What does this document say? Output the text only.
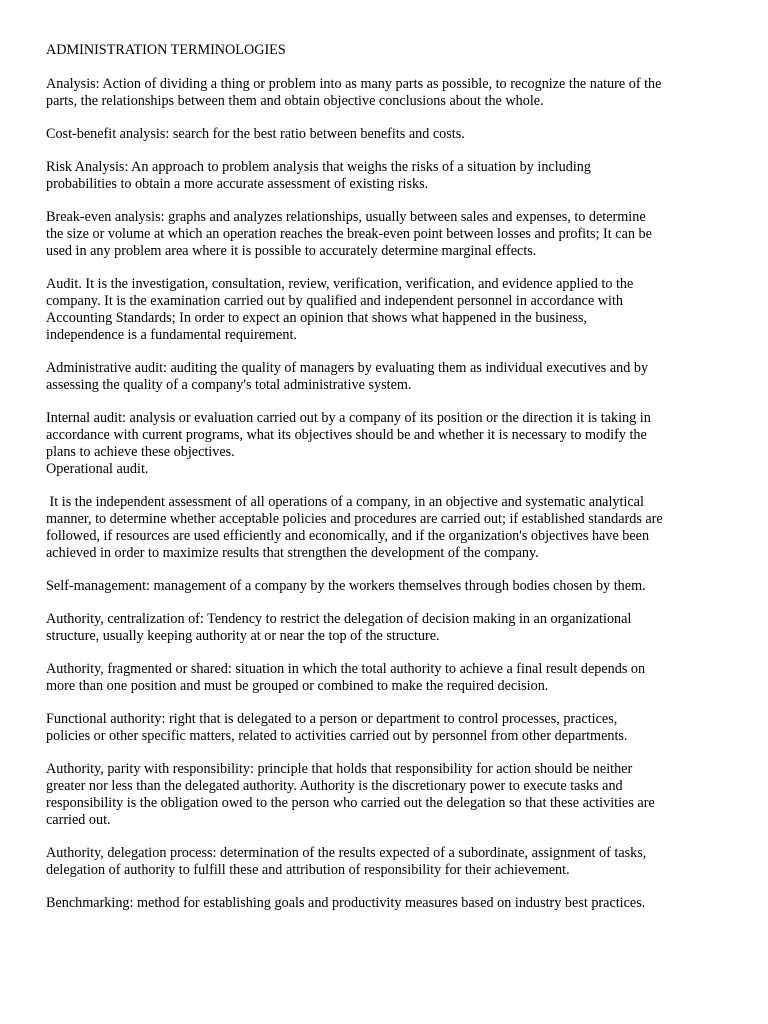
ADMINISTRATION TERMINOLOGIES
Analysis: Action of dividing a thing or problem into as many parts as possible, to recognize the nature of the
parts, the relationships between them and obtain objective conclusions about the whole.
Cost-benefit analysis: search for the best ratio between benefits and costs.
Risk Analysis: An approach to problem analysis that weighs the risks of a situation by including
probabilities to obtain a more accurate assessment of existing risks.
Break-even analysis: graphs and analyzes relationships, usually between sales and expenses, to determine
the size or volume at which an operation reaches the break-even point between losses and profits; It can be
used in any problem area where it is possible to accurately determine marginal effects.
Audit. It is the investigation, consultation, review, verification, verification, and evidence applied to the
company. It is the examination carried out by qualified and independent personnel in accordance with
Accounting Standards; In order to expect an opinion that shows what happened in the business,
independence is a fundamental requirement.
Administrative audit: auditing the quality of managers by evaluating them as individual executives and by
assessing the quality of a company's total administrative system.
Internal audit: analysis or evaluation carried out by a company of its position or the direction it is taking in
accordance with current programs, what its objectives should be and whether it is necessary to modify the
plans to achieve these objectives.
Operational audit.
It is the independent assessment of all operations of a company, in an objective and systematic analytical
manner, to determine whether acceptable policies and procedures are carried out; if established standards are
followed, if resources are used efficiently and economically, and if the organization's objectives have been
achieved in order to maximize results that strengthen the development of the company.
Self-management: management of a company by the workers themselves through bodies chosen by them.
Authority, centralization of: Tendency to restrict the delegation of decision making in an organizational
structure, usually keeping authority at or near the top of the structure.
Authority, fragmented or shared: situation in which the total authority to achieve a final result depends on
more than one position and must be grouped or combined to make the required decision.
Functional authority: right that is delegated to a person or department to control processes, practices,
policies or other specific matters, related to activities carried out by personnel from other departments.
Authority, parity with responsibility: principle that holds that responsibility for action should be neither
greater nor less than the delegated authority. Authority is the discretionary power to execute tasks and
responsibility is the obligation owed to the person who carried out the delegation so that these activities are
carried out.
Authority, delegation process: determination of the results expected of a subordinate, assignment of tasks,
delegation of authority to fulfill these and attribution of responsibility for their achievement.
Benchmarking: method for establishing goals and productivity measures based on industry best practices.
